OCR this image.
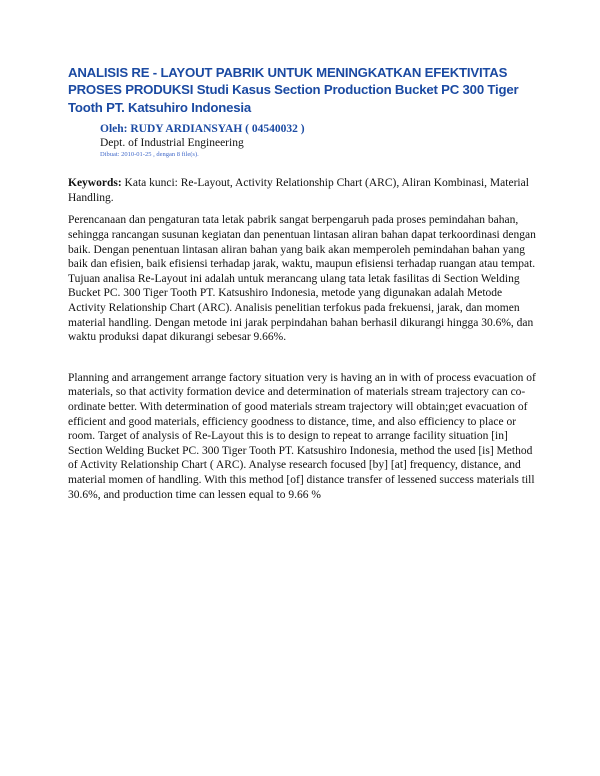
ANALISIS RE - LAYOUT PABRIK UNTUK MENINGKATKAN EFEKTIVITAS PROSES PRODUKSI Studi Kasus Section Production Bucket PC 300 Tiger Tooth PT. Katsuhiro Indonesia
Oleh: RUDY ARDIANSYAH ( 04540032 )
Dept. of Industrial Engineering
Dibuat: 2010-01-25 , dengan 8 file(s).
Keywords: Kata kunci: Re-Layout, Activity Relationship Chart (ARC), Aliran Kombinasi, Material Handling.
Perencanaan dan pengaturan tata letak pabrik sangat berpengaruh pada proses pemindahan bahan, sehingga rancangan susunan kegiatan dan penentuan lintasan aliran bahan dapat terkoordinasi dengan baik. Dengan penentuan lintasan aliran bahan yang baik akan memperoleh pemindahan bahan yang baik dan efisien, baik efisiensi terhadap jarak, waktu, maupun efisiensi terhadap ruangan atau tempat. Tujuan analisa Re-Layout ini adalah untuk merancang ulang tata letak fasilitas di Section Welding Bucket PC. 300 Tiger Tooth PT. Katsushiro Indonesia, metode yang digunakan adalah Metode Activity Relationship Chart (ARC). Analisis penelitian terfokus pada frekuensi, jarak, dan momen material handling. Dengan metode ini jarak perpindahan bahan berhasil dikurangi hingga 30.6%, dan waktu produksi dapat dikurangi sebesar 9.66%.
Planning and arrangement arrange factory situation very is having an in with of process evacuation of materials, so that activity formation device and determination of materials stream trajectory can co-ordinate better. With determination of good materials stream trajectory will obtain;get evacuation of efficient and good materials, efficiency goodness to distance, time, and also efficiency to place or room. Target of analysis of Re-Layout this is to design to repeat to arrange facility situation [in] Section Welding Bucket PC. 300 Tiger Tooth PT. Katsushiro Indonesia, method the used [is] Method of Activity Relationship Chart ( ARC). Analyse research focused [by] [at] frequency, distance, and material momen of handling. With this method [of] distance transfer of lessened success materials till 30.6%, and production time can lessen equal to 9.66 %
